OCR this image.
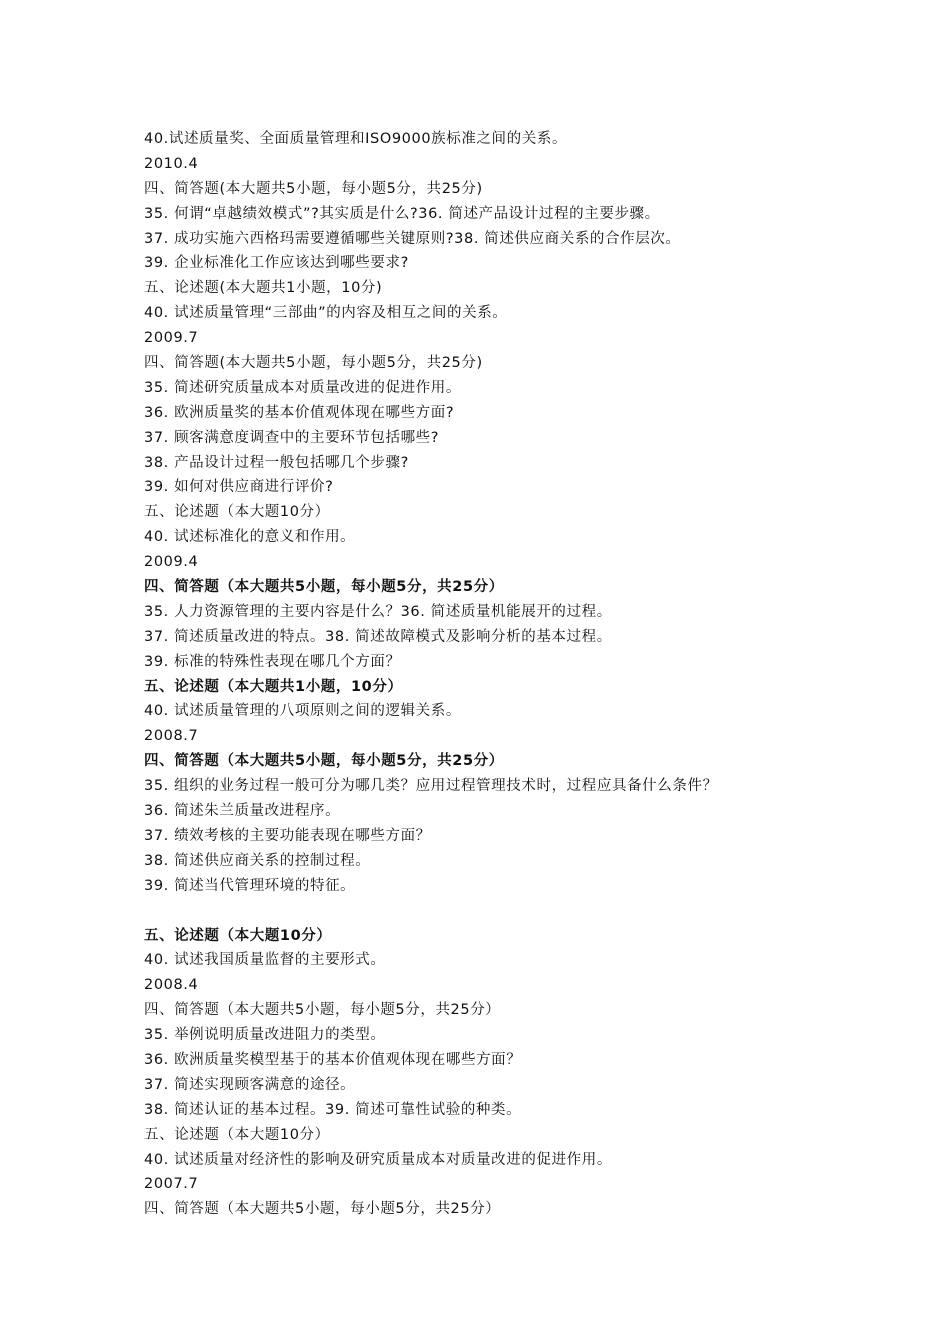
40.试述质量奖、全面质量管理和ISO9000族标准之间的关系。
2010.4
四、简答题(本大题共5小题，每小题5分，共25分)
35. 何谓“卓越绩效模式”?其实质是什么?36. 简述产品设计过程的主要步骤。
37. 成功实施六西格玛需要遵循哪些关键原则?38. 简述供应商关系的合作层次。
39. 企业标准化工作应该达到哪些要求?
五、论述题(本大题共1小题，10分)
40. 试述质量管理“三部曲”的内容及相互之间的关系。
2009.7
四、简答题(本大题共5小题，每小题5分，共25分)
35. 简述研究质量成本对质量改进的促进作用。
36. 欧洲质量奖的基本价值观体现在哪些方面?
37. 顾客满意度调查中的主要环节包括哪些?
38. 产品设计过程一般包括哪几个步骤?
39. 如何对供应商进行评价?
五、论述题（本大题10分）
40. 试述标准化的意义和作用。
2009.4
四、简答题（本大题共5小题，每小题5分，共25分）
35. 人力资源管理的主要内容是什么？36. 简述质量机能展开的过程。
37. 简述质量改进的特点。38. 简述故障模式及影响分析的基本过程。
39. 标准的特殊性表现在哪几个方面？
五、论述题（本大题共1小题，10分）
40. 试述质量管理的八项原则之间的逻辑关系。
2008.7
四、简答题（本大题共5小题，每小题5分，共25分）
35. 组织的业务过程一般可分为哪几类？应用过程管理技术时，过程应具备什么条件？
36. 简述朱兰质量改进程序。
37. 绩效考核的主要功能表现在哪些方面？
38. 简述供应商关系的控制过程。
39. 简述当代管理环境的特征。
五、论述题（本大题10分）
40. 试述我国质量监督的主要形式。
2008.4
四、简答题（本大题共5小题，每小题5分，共25分）
35. 举例说明质量改进阻力的类型。
36. 欧洲质量奖模型基于的基本价值观体现在哪些方面？
37. 简述实现顾客满意的途径。
38. 简述认证的基本过程。39. 简述可靠性试验的种类。
五、论述题（本大题10分）
40. 试述质量对经济性的影响及研究质量成本对质量改进的促进作用。
2007.7
四、简答题（本大题共5小题，每小题5分，共25分）
